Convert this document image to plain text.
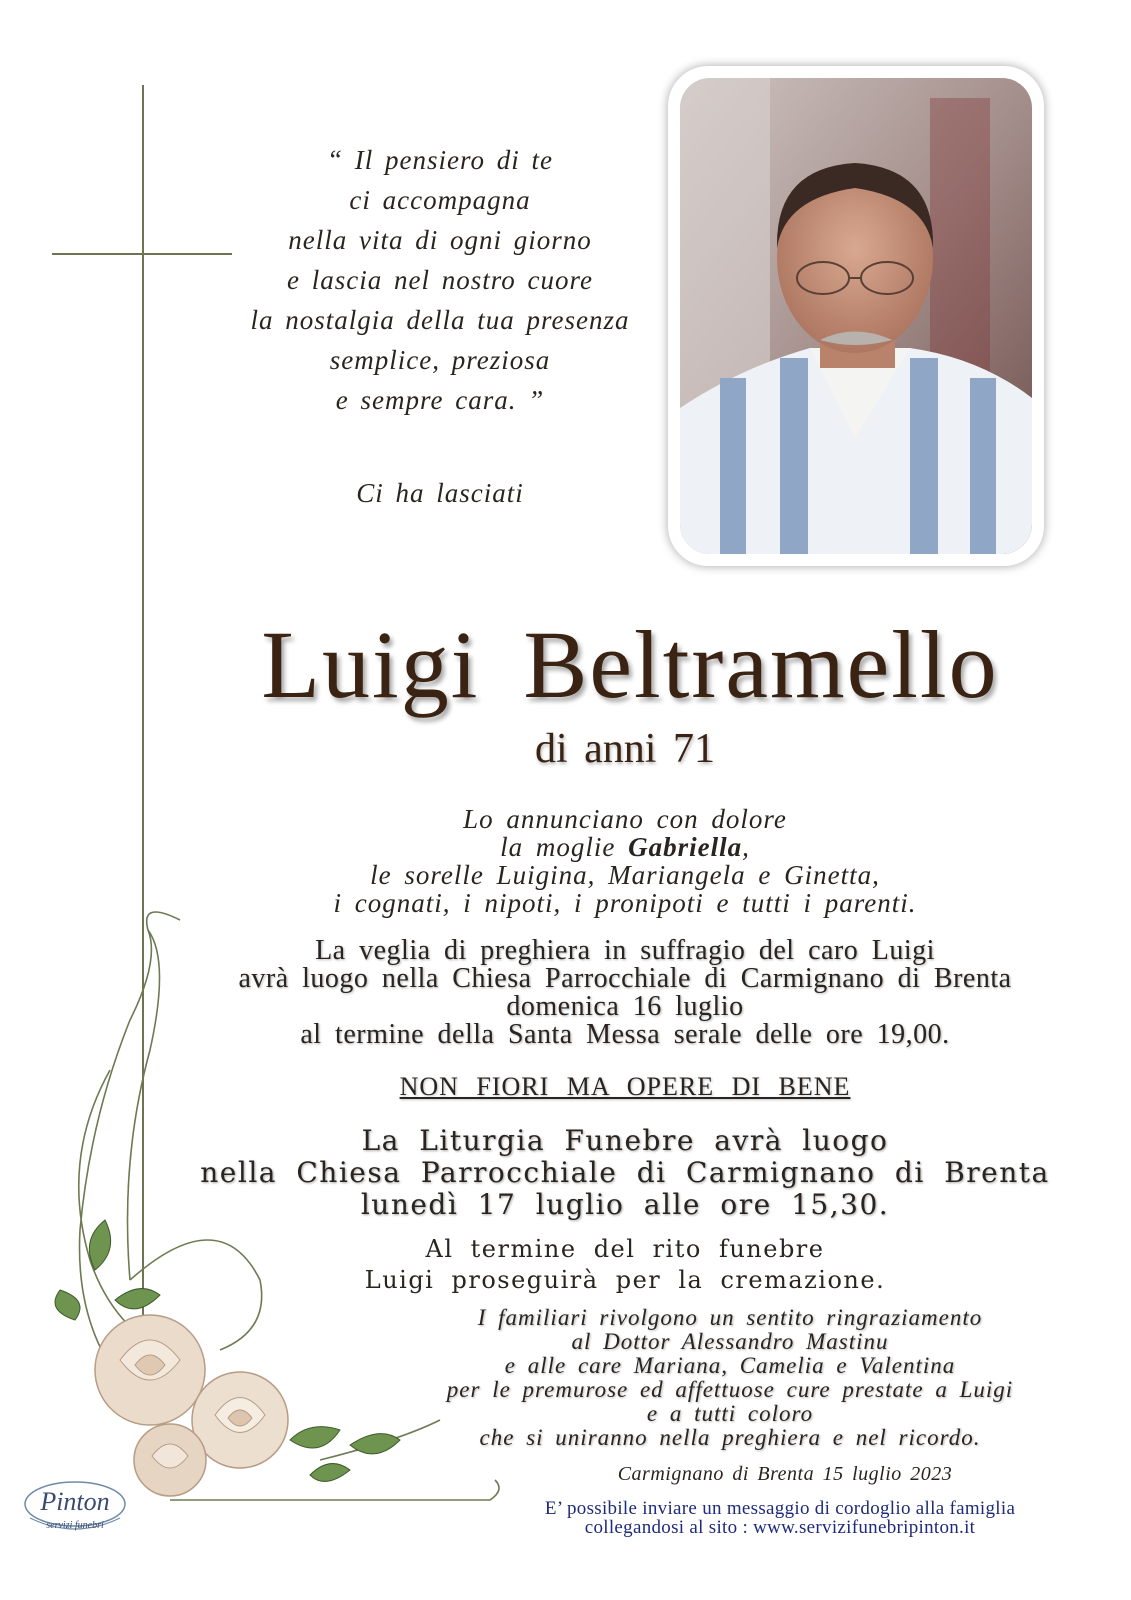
“ Il pensiero di te
ci accompagna
nella vita di ogni giorno
e lascia nel nostro cuore
la nostalgia della tua presenza
semplice, preziosa
e sempre cara. ”
Ci ha lasciati
Luigi Beltramello
di anni 71
Lo annunciano con dolore
la moglie Gabriella,
le sorelle Luigina, Mariangela e Ginetta,
i cognati, i nipoti, i pronipoti e tutti i parenti.
La veglia di preghiera in suffragio del caro Luigi
avrà luogo nella Chiesa Parrocchiale di Carmignano di Brenta
domenica 16 luglio
al termine della Santa Messa serale delle ore 19,00.
NON FIORI MA OPERE DI BENE
La Liturgia Funebre avrà luogo
nella Chiesa Parrocchiale di Carmignano di Brenta
lunedì 17 luglio alle ore 15,30.
Al termine del rito funebre
Luigi proseguirà per la cremazione.
I familiari rivolgono un sentito ringraziamento
al Dottor Alessandro Mastinu
e alle care Mariana, Camelia e Valentina
per le premurose ed affettuose cure prestate a Luigi
e a tutti coloro
che si uniranno nella preghiera e nel ricordo.
Carmignano di Brenta 15 luglio 2023
E’ possibile inviare un messaggio di cordoglio alla famiglia
collegandosi al sito : www.servizifunebripinton.it
Pinton
servizi funebri
